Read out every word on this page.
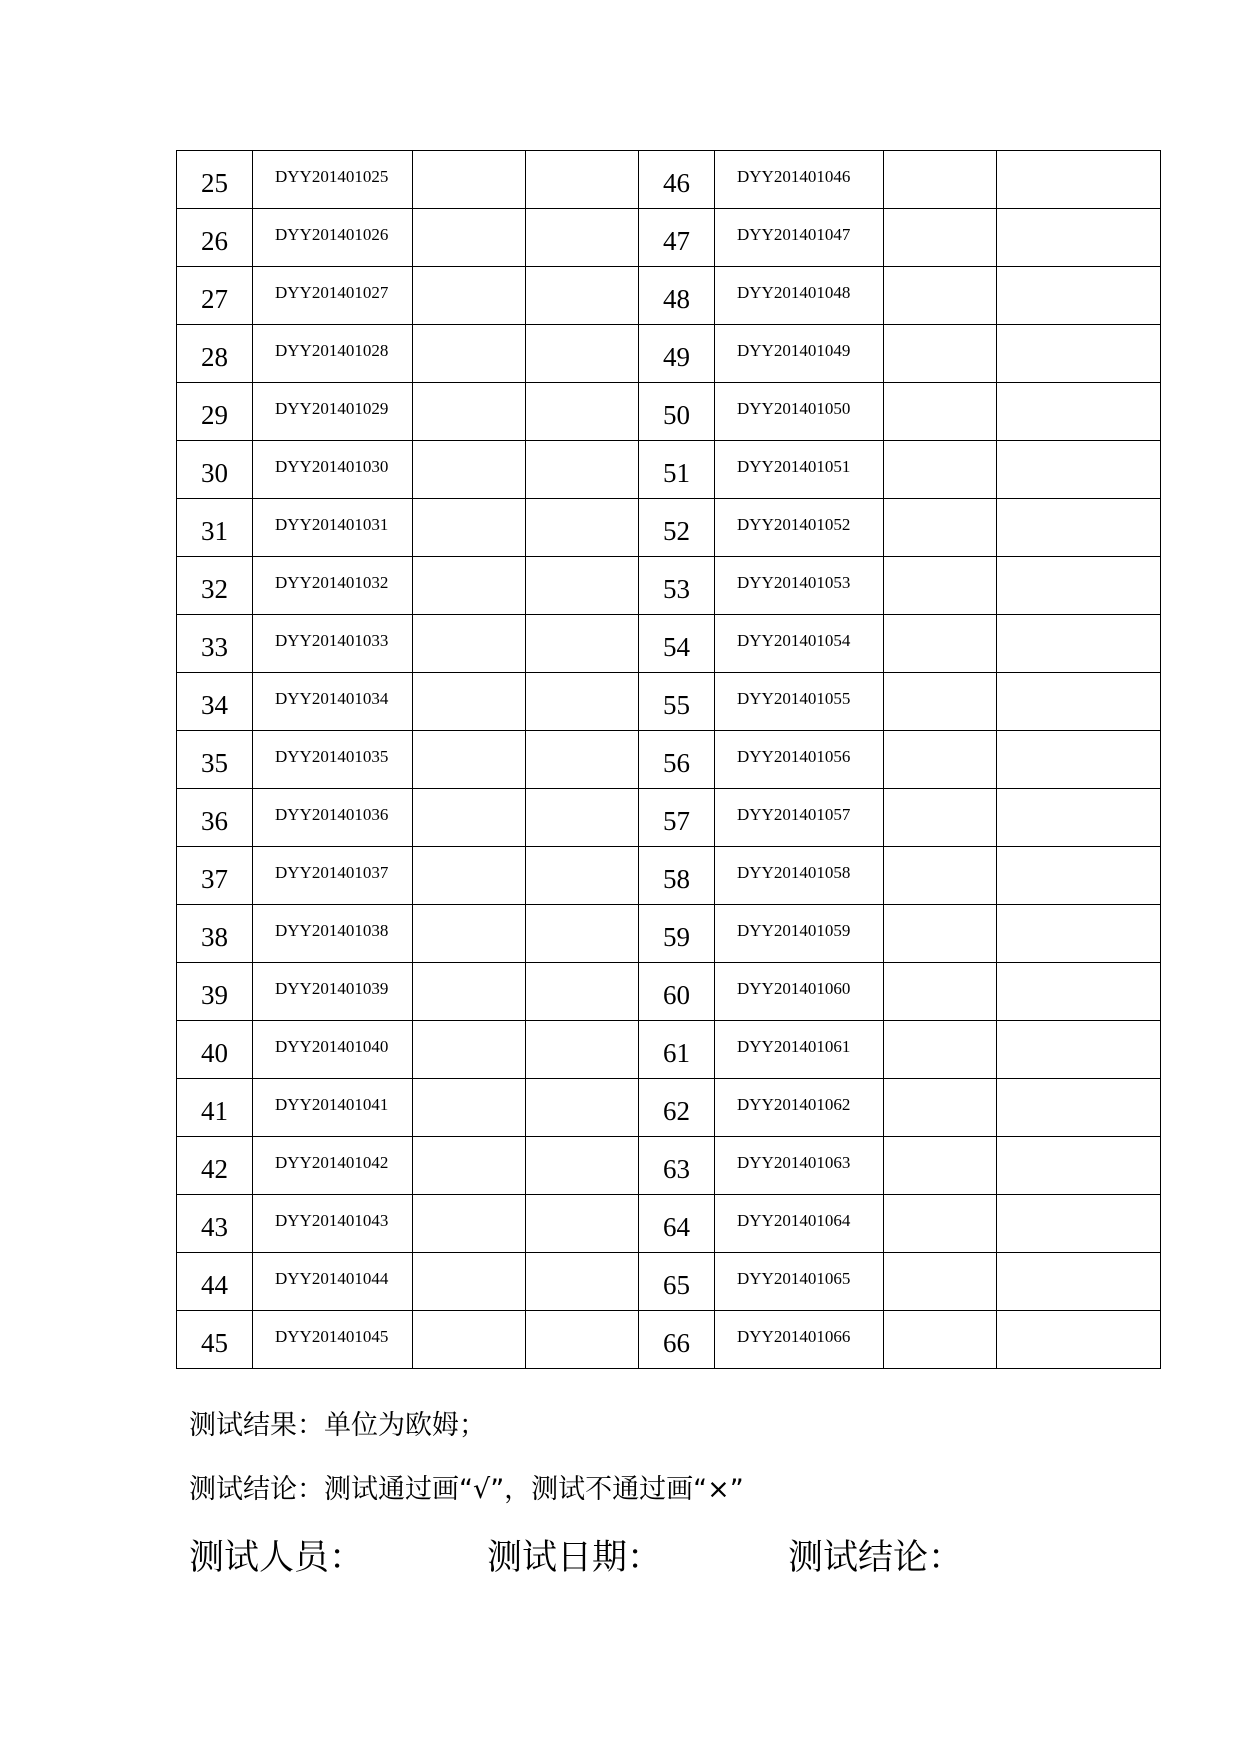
25	DYY201401025			46	DYY201401046		
26	DYY201401026			47	DYY201401047		
27	DYY201401027			48	DYY201401048		
28	DYY201401028			49	DYY201401049		
29	DYY201401029			50	DYY201401050		
30	DYY201401030			51	DYY201401051		
31	DYY201401031			52	DYY201401052		
32	DYY201401032			53	DYY201401053		
33	DYY201401033			54	DYY201401054		
34	DYY201401034			55	DYY201401055		
35	DYY201401035			56	DYY201401056		
36	DYY201401036			57	DYY201401057		
37	DYY201401037			58	DYY201401058		
38	DYY201401038			59	DYY201401059		
39	DYY201401039			60	DYY201401060		
40	DYY201401040			61	DYY201401061		
41	DYY201401041			62	DYY201401062		
42	DYY201401042			63	DYY201401063		
43	DYY201401043			64	DYY201401064		
44	DYY201401044			65	DYY201401065		
45	DYY201401045			66	DYY201401066		
测试结果：单位为欧姆；
测试结论：测试通过画“√”，测试不通过画“×”
测试人员：	测试日期：	测试结论：
